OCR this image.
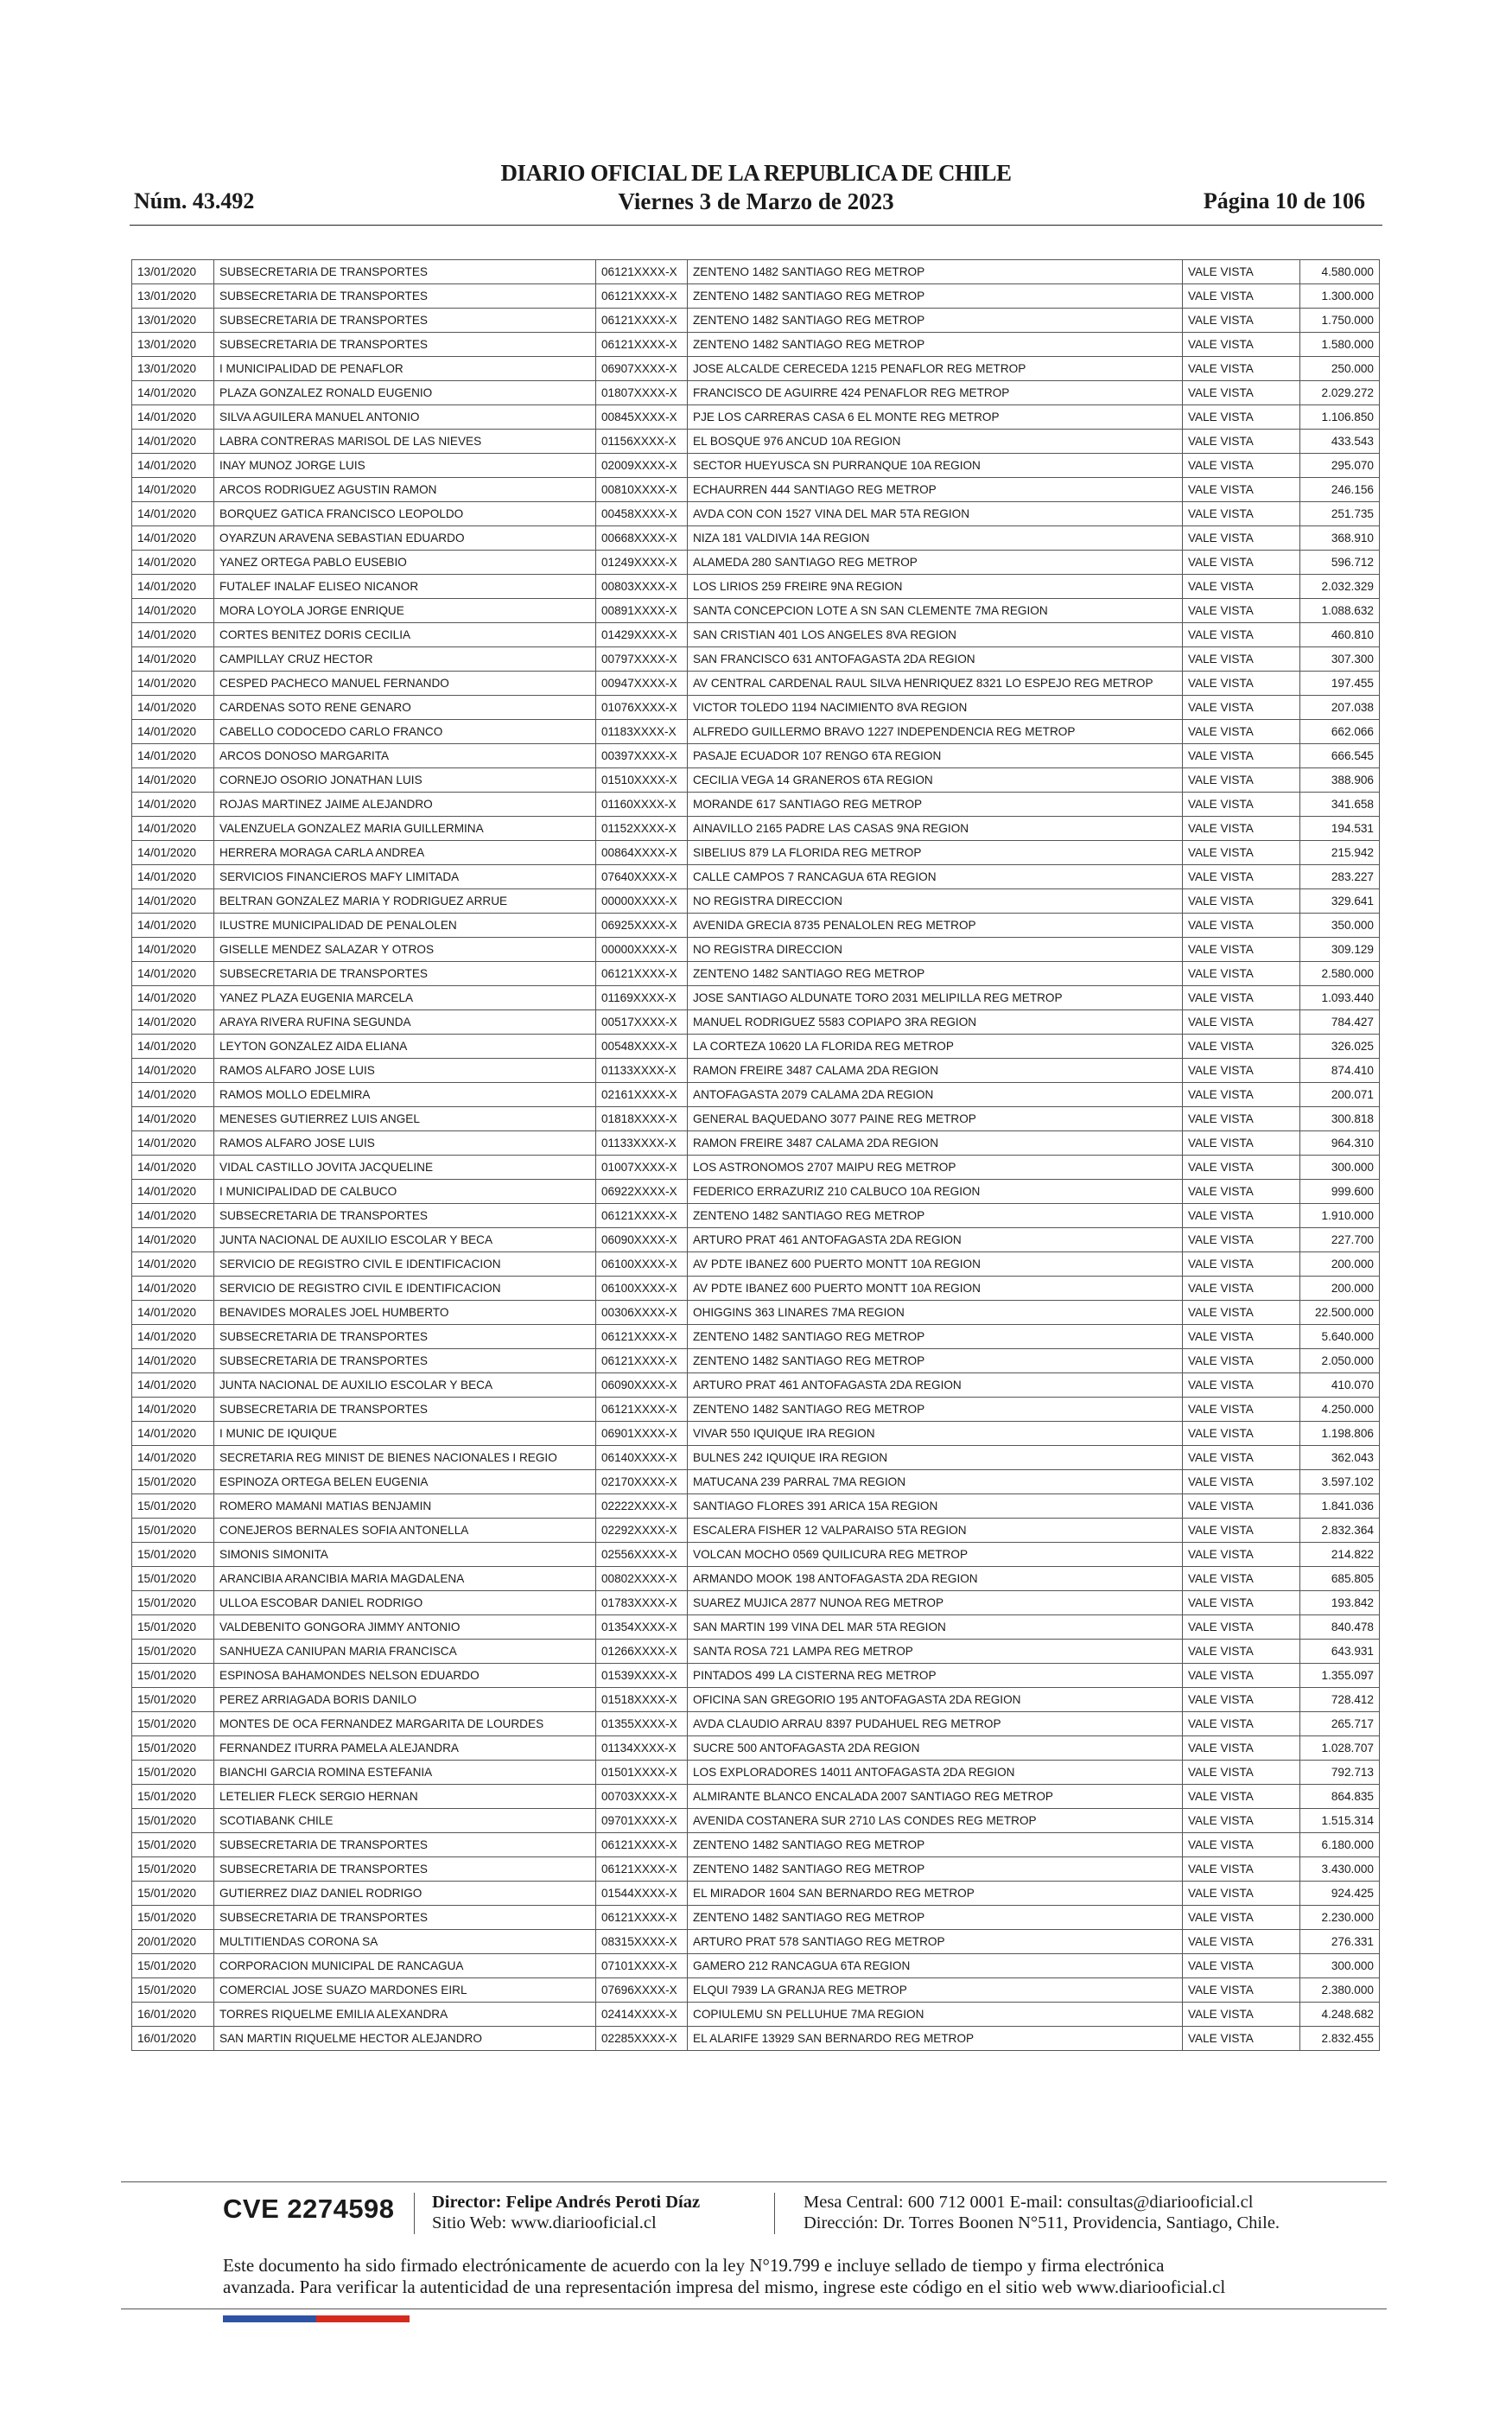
Núm. 43.492
DIARIO OFICIAL DE LA REPUBLICA DE CHILE
Viernes 3 de Marzo de 2023	Página 10 de 106
13/01/2020	SUBSECRETARIA DE TRANSPORTES	06121XXXX-X	ZENTENO 1482 SANTIAGO REG METROP	VALE VISTA	4.580.000
13/01/2020	SUBSECRETARIA DE TRANSPORTES	06121XXXX-X	ZENTENO 1482 SANTIAGO REG METROP	VALE VISTA	1.300.000
13/01/2020	SUBSECRETARIA DE TRANSPORTES	06121XXXX-X	ZENTENO 1482 SANTIAGO REG METROP	VALE VISTA	1.750.000
13/01/2020	SUBSECRETARIA DE TRANSPORTES	06121XXXX-X	ZENTENO 1482 SANTIAGO REG METROP	VALE VISTA	1.580.000
13/01/2020	I MUNICIPALIDAD DE PENAFLOR	06907XXXX-X	JOSE ALCALDE CERECEDA 1215 PENAFLOR REG METROP	VALE VISTA	250.000
14/01/2020	PLAZA GONZALEZ RONALD EUGENIO	01807XXXX-X	FRANCISCO DE AGUIRRE 424 PENAFLOR REG METROP	VALE VISTA	2.029.272
14/01/2020	SILVA AGUILERA MANUEL ANTONIO	00845XXXX-X	PJE LOS CARRERAS CASA 6 EL MONTE REG METROP	VALE VISTA	1.106.850
14/01/2020	LABRA CONTRERAS MARISOL DE LAS NIEVES	01156XXXX-X	EL BOSQUE 976 ANCUD 10A REGION	VALE VISTA	433.543
14/01/2020	INAY MUNOZ JORGE LUIS	02009XXXX-X	SECTOR HUEYUSCA SN PURRANQUE 10A REGION	VALE VISTA	295.070
14/01/2020	ARCOS RODRIGUEZ AGUSTIN RAMON	00810XXXX-X	ECHAURREN 444 SANTIAGO REG METROP	VALE VISTA	246.156
14/01/2020	BORQUEZ GATICA FRANCISCO LEOPOLDO	00458XXXX-X	AVDA CON CON 1527 VINA DEL MAR 5TA REGION	VALE VISTA	251.735
14/01/2020	OYARZUN ARAVENA SEBASTIAN EDUARDO	00668XXXX-X	NIZA 181 VALDIVIA 14A REGION	VALE VISTA	368.910
14/01/2020	YANEZ ORTEGA PABLO EUSEBIO	01249XXXX-X	ALAMEDA 280 SANTIAGO REG METROP	VALE VISTA	596.712
14/01/2020	FUTALEF INALAF ELISEO NICANOR	00803XXXX-X	LOS LIRIOS 259 FREIRE 9NA REGION	VALE VISTA	2.032.329
14/01/2020	MORA LOYOLA JORGE ENRIQUE	00891XXXX-X	SANTA CONCEPCION LOTE A SN SAN CLEMENTE 7MA REGION	VALE VISTA	1.088.632
14/01/2020	CORTES BENITEZ DORIS CECILIA	01429XXXX-X	SAN CRISTIAN 401 LOS ANGELES 8VA REGION	VALE VISTA	460.810
14/01/2020	CAMPILLAY CRUZ HECTOR	00797XXXX-X	SAN FRANCISCO 631 ANTOFAGASTA 2DA REGION	VALE VISTA	307.300
14/01/2020	CESPED PACHECO MANUEL FERNANDO	00947XXXX-X	AV CENTRAL CARDENAL RAUL SILVA HENRIQUEZ 8321 LO ESPEJO REG METROP	VALE VISTA	197.455
14/01/2020	CARDENAS SOTO RENE GENARO	01076XXXX-X	VICTOR TOLEDO 1194 NACIMIENTO 8VA REGION	VALE VISTA	207.038
14/01/2020	CABELLO CODOCEDO CARLO FRANCO	01183XXXX-X	ALFREDO GUILLERMO BRAVO 1227 INDEPENDENCIA REG METROP	VALE VISTA	662.066
14/01/2020	ARCOS DONOSO MARGARITA	00397XXXX-X	PASAJE ECUADOR 107 RENGO 6TA REGION	VALE VISTA	666.545
14/01/2020	CORNEJO OSORIO JONATHAN LUIS	01510XXXX-X	CECILIA VEGA 14 GRANEROS 6TA REGION	VALE VISTA	388.906
14/01/2020	ROJAS MARTINEZ JAIME ALEJANDRO	01160XXXX-X	MORANDE 617 SANTIAGO REG METROP	VALE VISTA	341.658
14/01/2020	VALENZUELA GONZALEZ MARIA GUILLERMINA	01152XXXX-X	AINAVILLO 2165 PADRE LAS CASAS 9NA REGION	VALE VISTA	194.531
14/01/2020	HERRERA MORAGA CARLA ANDREA	00864XXXX-X	SIBELIUS 879 LA FLORIDA REG METROP	VALE VISTA	215.942
14/01/2020	SERVICIOS FINANCIEROS MAFY LIMITADA	07640XXXX-X	CALLE CAMPOS 7 RANCAGUA 6TA REGION	VALE VISTA	283.227
14/01/2020	BELTRAN GONZALEZ MARIA Y RODRIGUEZ ARRUE	00000XXXX-X	NO REGISTRA DIRECCION	VALE VISTA	329.641
14/01/2020	ILUSTRE MUNICIPALIDAD DE PENALOLEN	06925XXXX-X	AVENIDA GRECIA 8735 PENALOLEN REG METROP	VALE VISTA	350.000
14/01/2020	GISELLE MENDEZ SALAZAR Y OTROS	00000XXXX-X	NO REGISTRA DIRECCION	VALE VISTA	309.129
14/01/2020	SUBSECRETARIA DE TRANSPORTES	06121XXXX-X	ZENTENO 1482 SANTIAGO REG METROP	VALE VISTA	2.580.000
14/01/2020	YANEZ PLAZA EUGENIA MARCELA	01169XXXX-X	JOSE SANTIAGO ALDUNATE TORO 2031 MELIPILLA REG METROP	VALE VISTA	1.093.440
14/01/2020	ARAYA RIVERA RUFINA SEGUNDA	00517XXXX-X	MANUEL RODRIGUEZ 5583 COPIAPO 3RA REGION	VALE VISTA	784.427
14/01/2020	LEYTON GONZALEZ AIDA ELIANA	00548XXXX-X	LA CORTEZA 10620 LA FLORIDA REG METROP	VALE VISTA	326.025
14/01/2020	RAMOS ALFARO JOSE LUIS	01133XXXX-X	RAMON FREIRE 3487 CALAMA 2DA REGION	VALE VISTA	874.410
14/01/2020	RAMOS MOLLO EDELMIRA	02161XXXX-X	ANTOFAGASTA 2079 CALAMA 2DA REGION	VALE VISTA	200.071
14/01/2020	MENESES GUTIERREZ LUIS ANGEL	01818XXXX-X	GENERAL BAQUEDANO 3077 PAINE REG METROP	VALE VISTA	300.818
14/01/2020	RAMOS ALFARO JOSE LUIS	01133XXXX-X	RAMON FREIRE 3487 CALAMA 2DA REGION	VALE VISTA	964.310
14/01/2020	VIDAL CASTILLO JOVITA JACQUELINE	01007XXXX-X	LOS ASTRONOMOS 2707 MAIPU REG METROP	VALE VISTA	300.000
14/01/2020	I MUNICIPALIDAD DE CALBUCO	06922XXXX-X	FEDERICO ERRAZURIZ 210 CALBUCO 10A REGION	VALE VISTA	999.600
14/01/2020	SUBSECRETARIA DE TRANSPORTES	06121XXXX-X	ZENTENO 1482 SANTIAGO REG METROP	VALE VISTA	1.910.000
14/01/2020	JUNTA NACIONAL DE AUXILIO ESCOLAR Y BECA	06090XXXX-X	ARTURO PRAT 461 ANTOFAGASTA 2DA REGION	VALE VISTA	227.700
14/01/2020	SERVICIO DE REGISTRO CIVIL E IDENTIFICACION	06100XXXX-X	AV PDTE IBANEZ 600 PUERTO MONTT 10A REGION	VALE VISTA	200.000
14/01/2020	SERVICIO DE REGISTRO CIVIL E IDENTIFICACION	06100XXXX-X	AV PDTE IBANEZ 600 PUERTO MONTT 10A REGION	VALE VISTA	200.000
14/01/2020	BENAVIDES MORALES JOEL HUMBERTO	00306XXXX-X	OHIGGINS 363 LINARES 7MA REGION	VALE VISTA	22.500.000
14/01/2020	SUBSECRETARIA DE TRANSPORTES	06121XXXX-X	ZENTENO 1482 SANTIAGO REG METROP	VALE VISTA	5.640.000
14/01/2020	SUBSECRETARIA DE TRANSPORTES	06121XXXX-X	ZENTENO 1482 SANTIAGO REG METROP	VALE VISTA	2.050.000
14/01/2020	JUNTA NACIONAL DE AUXILIO ESCOLAR Y BECA	06090XXXX-X	ARTURO PRAT 461 ANTOFAGASTA 2DA REGION	VALE VISTA	410.070
14/01/2020	SUBSECRETARIA DE TRANSPORTES	06121XXXX-X	ZENTENO 1482 SANTIAGO REG METROP	VALE VISTA	4.250.000
14/01/2020	I MUNIC DE IQUIQUE	06901XXXX-X	VIVAR 550 IQUIQUE IRA REGION	VALE VISTA	1.198.806
14/01/2020	SECRETARIA REG MINIST DE BIENES NACIONALES I REGIO	06140XXXX-X	BULNES 242 IQUIQUE IRA REGION	VALE VISTA	362.043
15/01/2020	ESPINOZA ORTEGA BELEN EUGENIA	02170XXXX-X	MATUCANA 239 PARRAL 7MA REGION	VALE VISTA	3.597.102
15/01/2020	ROMERO MAMANI MATIAS BENJAMIN	02222XXXX-X	SANTIAGO FLORES 391 ARICA 15A REGION	VALE VISTA	1.841.036
15/01/2020	CONEJEROS BERNALES SOFIA ANTONELLA	02292XXXX-X	ESCALERA FISHER 12 VALPARAISO 5TA REGION	VALE VISTA	2.832.364
15/01/2020	SIMONIS SIMONITA	02556XXXX-X	VOLCAN MOCHO 0569 QUILICURA REG METROP	VALE VISTA	214.822
15/01/2020	ARANCIBIA ARANCIBIA MARIA MAGDALENA	00802XXXX-X	ARMANDO MOOK 198 ANTOFAGASTA 2DA REGION	VALE VISTA	685.805
15/01/2020	ULLOA ESCOBAR DANIEL RODRIGO	01783XXXX-X	SUAREZ MUJICA 2877 NUNOA REG METROP	VALE VISTA	193.842
15/01/2020	VALDEBENITO GONGORA JIMMY ANTONIO	01354XXXX-X	SAN MARTIN 199 VINA DEL MAR 5TA REGION	VALE VISTA	840.478
15/01/2020	SANHUEZA CANIUPAN MARIA FRANCISCA	01266XXXX-X	SANTA ROSA 721 LAMPA REG METROP	VALE VISTA	643.931
15/01/2020	ESPINOSA BAHAMONDES NELSON EDUARDO	01539XXXX-X	PINTADOS 499 LA CISTERNA REG METROP	VALE VISTA	1.355.097
15/01/2020	PEREZ ARRIAGADA BORIS DANILO	01518XXXX-X	OFICINA SAN GREGORIO 195 ANTOFAGASTA 2DA REGION	VALE VISTA	728.412
15/01/2020	MONTES DE OCA FERNANDEZ MARGARITA DE LOURDES	01355XXXX-X	AVDA CLAUDIO ARRAU 8397 PUDAHUEL REG METROP	VALE VISTA	265.717
15/01/2020	FERNANDEZ ITURRA PAMELA ALEJANDRA	01134XXXX-X	SUCRE 500 ANTOFAGASTA 2DA REGION	VALE VISTA	1.028.707
15/01/2020	BIANCHI GARCIA ROMINA ESTEFANIA	01501XXXX-X	LOS EXPLORADORES 14011 ANTOFAGASTA 2DA REGION	VALE VISTA	792.713
15/01/2020	LETELIER FLECK SERGIO HERNAN	00703XXXX-X	ALMIRANTE BLANCO ENCALADA 2007 SANTIAGO REG METROP	VALE VISTA	864.835
15/01/2020	SCOTIABANK CHILE	09701XXXX-X	AVENIDA COSTANERA SUR 2710 LAS CONDES REG METROP	VALE VISTA	1.515.314
15/01/2020	SUBSECRETARIA DE TRANSPORTES	06121XXXX-X	ZENTENO 1482 SANTIAGO REG METROP	VALE VISTA	6.180.000
15/01/2020	SUBSECRETARIA DE TRANSPORTES	06121XXXX-X	ZENTENO 1482 SANTIAGO REG METROP	VALE VISTA	3.430.000
15/01/2020	GUTIERREZ DIAZ DANIEL RODRIGO	01544XXXX-X	EL MIRADOR 1604 SAN BERNARDO REG METROP	VALE VISTA	924.425
15/01/2020	SUBSECRETARIA DE TRANSPORTES	06121XXXX-X	ZENTENO 1482 SANTIAGO REG METROP	VALE VISTA	2.230.000
20/01/2020	MULTITIENDAS CORONA SA	08315XXXX-X	ARTURO PRAT 578 SANTIAGO REG METROP	VALE VISTA	276.331
15/01/2020	CORPORACION MUNICIPAL DE RANCAGUA	07101XXXX-X	GAMERO 212 RANCAGUA 6TA REGION	VALE VISTA	300.000
15/01/2020	COMERCIAL JOSE SUAZO MARDONES EIRL	07696XXXX-X	ELQUI 7939 LA GRANJA REG METROP	VALE VISTA	2.380.000
16/01/2020	TORRES RIQUELME EMILIA ALEXANDRA	02414XXXX-X	COPIULEMU SN PELLUHUE 7MA REGION	VALE VISTA	4.248.682
16/01/2020	SAN MARTIN RIQUELME HECTOR ALEJANDRO	02285XXXX-X	EL ALARIFE 13929 SAN BERNARDO REG METROP	VALE VISTA	2.832.455
CVE 2274598 Director: Felipe Andrés Peroti Díaz
Sitio Web: www.diariooficial.cl
Mesa Central: 600 712 0001 E-mail: consultas@diariooficial.cl
Dirección: Dr. Torres Boonen N°511, Providencia, Santiago, Chile.
Este documento ha sido firmado electrónicamente de acuerdo con la ley N°19.799 e incluye sellado de tiempo y firma electrónica
avanzada. Para verificar la autenticidad de una representación impresa del mismo, ingrese este código en el sitio web www.diariooficial.cl
